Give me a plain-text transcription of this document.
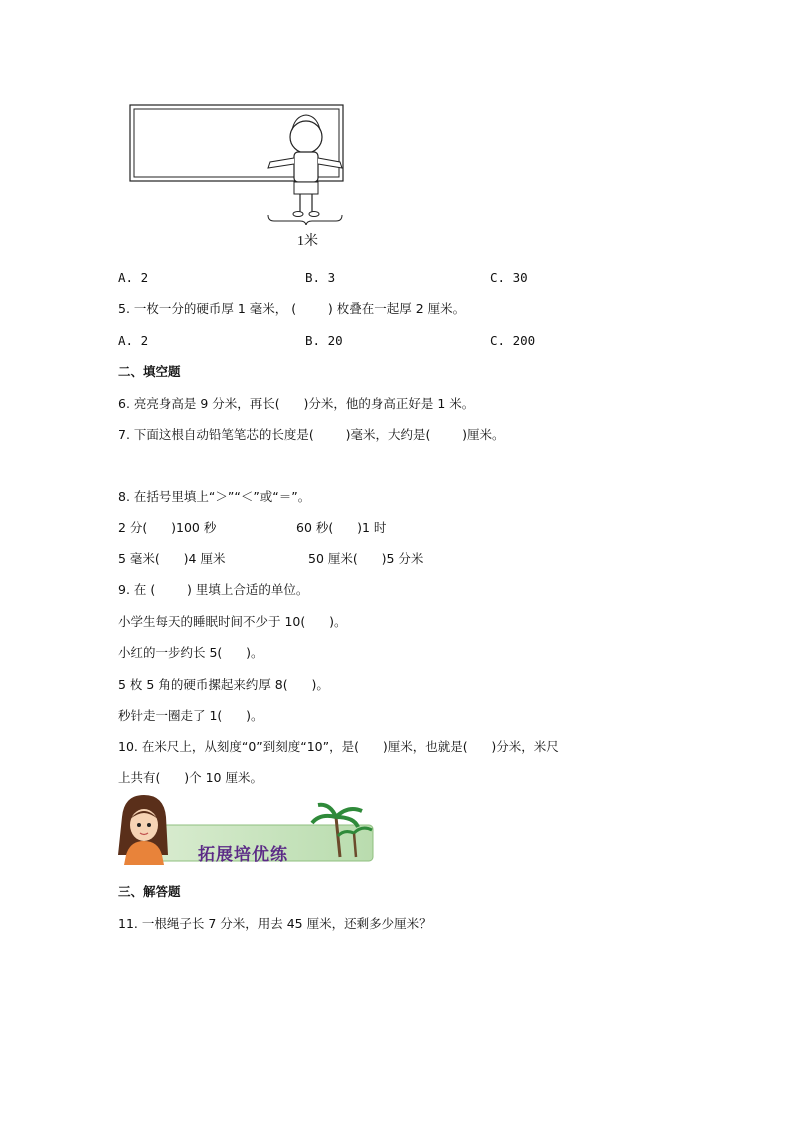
1米
A. 2	B. 3	C. 30
5. 一枚一分的硬币厚 1 毫米， (        ) 枚叠在一起厚 2 厘米。
A. 2	B. 20	C. 200
二、填空题
6. 亮亮身高是 9 分米，再长(      )分米，他的身高正好是 1 米。
7. 下面这根自动铅笔笔芯的长度是(        )毫米，大约是(        )厘米。
8. 在括号里填上“＞”“＜”或“＝”。
2 分(      )100 秒	60 秒(      )1 时
5 毫米(      )4 厘米	50 厘米(      )5 分米
9. 在 (        ) 里填上合适的单位。
小学生每天的睡眠时间不少于 10(      )。
小红的一步约长 5(      )。
5 枚 5 角的硬币摞起来约厚 8(      )。
秒针走一圈走了 1(      )。
10. 在米尺上，从刻度“0”到刻度“10”，是(      )厘米，也就是(      )分米，米尺
上共有(      )个 10 厘米。
拓展培优练
三、解答题
11. 一根绳子长 7 分米，用去 45 厘米，还剩多少厘米？
